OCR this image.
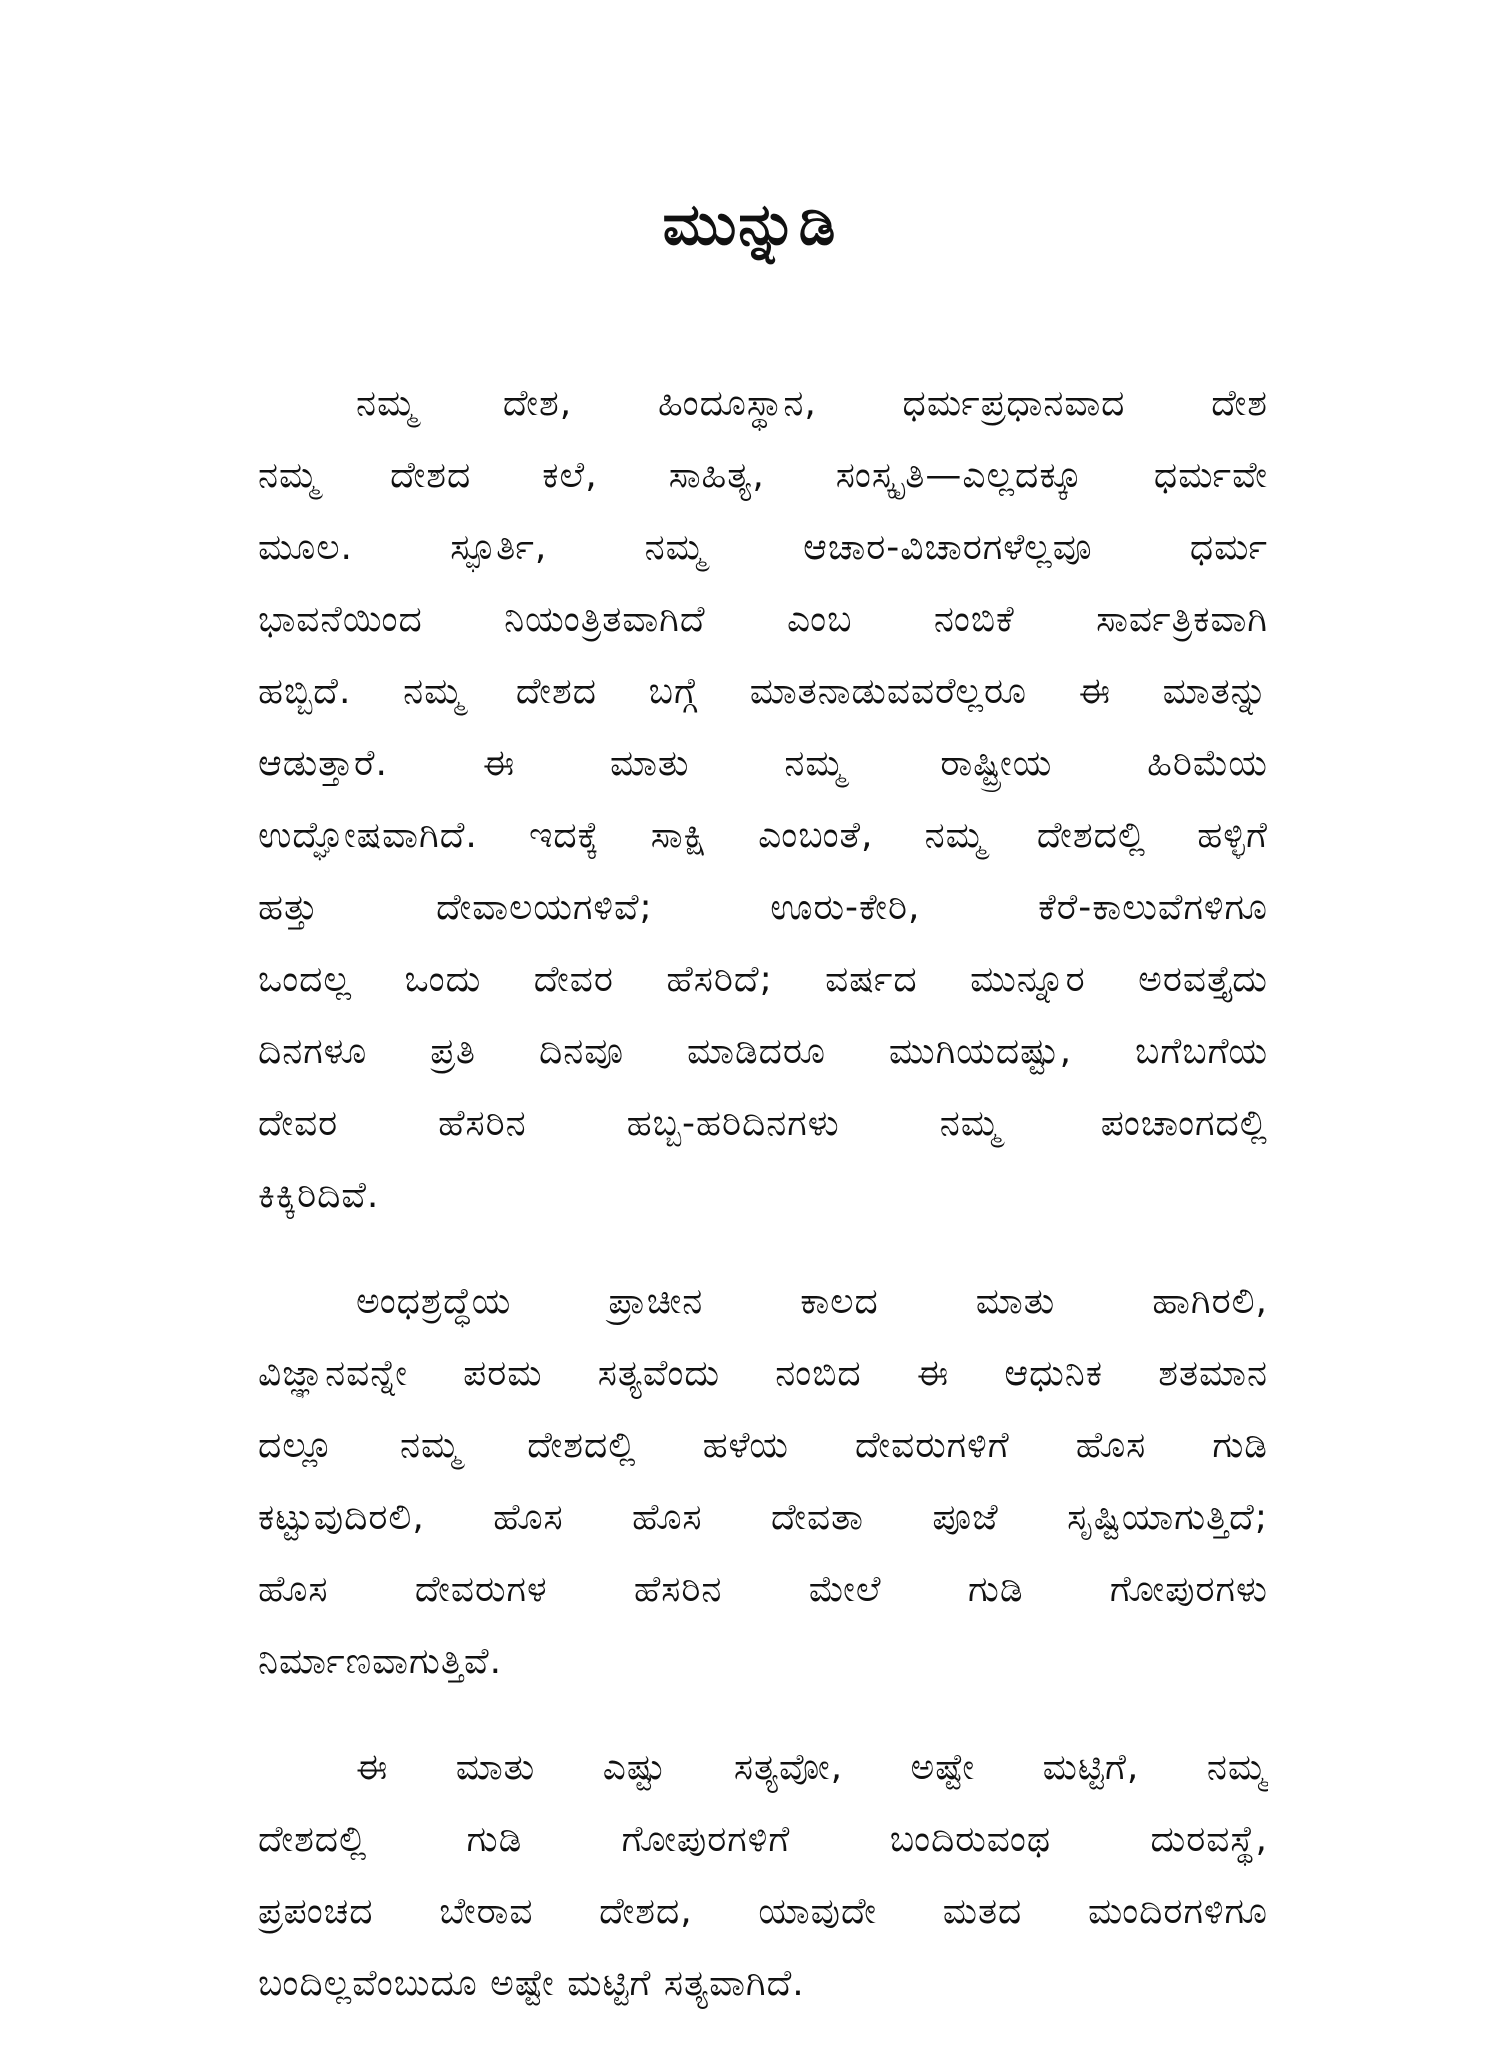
ಮುನ್ನುಡಿ
ನಮ್ಮ ದೇಶ, ಹಿಂದೂಸ್ಥಾನ, ಧರ್ಮಪ್ರಧಾನವಾದ ದೇಶ
ನಮ್ಮ ದೇಶದ ಕಲೆ, ಸಾಹಿತ್ಯ, ಸಂಸ್ಕೃತಿ—ಎಲ್ಲದಕ್ಕೂ ಧರ್ಮವೇ
ಮೂಲ. ಸ್ಫೂರ್ತಿ, ನಮ್ಮ ಆಚಾರ-ವಿಚಾರಗಳೆಲ್ಲವೂ ಧರ್ಮ
ಭಾವನೆಯಿಂದ ನಿಯಂತ್ರಿತವಾಗಿದೆ ಎಂಬ ನಂಬಿಕೆ ಸಾರ್ವತ್ರಿಕವಾಗಿ
ಹಬ್ಬಿದೆ. ನಮ್ಮ ದೇಶದ ಬಗ್ಗೆ ಮಾತನಾಡುವವರೆಲ್ಲರೂ ಈ ಮಾತನ್ನು
ಆಡುತ್ತಾರೆ. ಈ ಮಾತು ನಮ್ಮ ರಾಷ್ಟ್ರೀಯ ಹಿರಿಮೆಯ
ಉದ್ಘೋಷವಾಗಿದೆ. ಇದಕ್ಕೆ ಸಾಕ್ಷಿ ಎಂಬಂತೆ, ನಮ್ಮ ದೇಶದಲ್ಲಿ ಹಳ್ಳಿಗೆ
ಹತ್ತು ದೇವಾಲಯಗಳಿವೆ; ಊರು-ಕೇರಿ, ಕೆರೆ-ಕಾಲುವೆಗಳಿಗೂ
ಒಂದಲ್ಲ ಒಂದು ದೇವರ ಹೆಸರಿದೆ; ವರ್ಷದ ಮುನ್ನೂರ ಅರವತ್ತೈದು
ದಿನಗಳೂ ಪ್ರತಿ ದಿನವೂ ಮಾಡಿದರೂ ಮುಗಿಯದಷ್ಟು, ಬಗೆಬಗೆಯ
ದೇವರ ಹೆಸರಿನ ಹಬ್ಬ-ಹರಿದಿನಗಳು ನಮ್ಮ ಪಂಚಾಂಗದಲ್ಲಿ
ಕಿಕ್ಕಿರಿದಿವೆ.
ಅಂಧಶ್ರದ್ಧೆಯ ಪ್ರಾಚೀನ ಕಾಲದ ಮಾತು ಹಾಗಿರಲಿ,
ವಿಜ್ಞಾನವನ್ನೇ ಪರಮ ಸತ್ಯವೆಂದು ನಂಬಿದ ಈ ಆಧುನಿಕ ಶತಮಾನ
ದಲ್ಲೂ ನಮ್ಮ ದೇಶದಲ್ಲಿ ಹಳೆಯ ದೇವರುಗಳಿಗೆ ಹೊಸ ಗುಡಿ
ಕಟ್ಟುವುದಿರಲಿ, ಹೊಸ ಹೊಸ ದೇವತಾ ಪೂಜೆ ಸೃಷ್ಟಿಯಾಗುತ್ತಿದೆ;
ಹೊಸ ದೇವರುಗಳ ಹೆಸರಿನ ಮೇಲೆ ಗುಡಿ ಗೋಪುರಗಳು
ನಿರ್ಮಾಣವಾಗುತ್ತಿವೆ.
ಈ ಮಾತು ಎಷ್ಟು ಸತ್ಯವೋ, ಅಷ್ಟೇ ಮಟ್ಟಿಗೆ, ನಮ್ಮ
ದೇಶದಲ್ಲಿ ಗುಡಿ ಗೋಪುರಗಳಿಗೆ ಬಂದಿರುವಂಥ ದುರವಸ್ಥೆ,
ಪ್ರಪಂಚದ ಬೇರಾವ ದೇಶದ, ಯಾವುದೇ ಮತದ ಮಂದಿರಗಳಿಗೂ
ಬಂದಿಲ್ಲವೆಂಬುದೂ ಅಷ್ಟೇ ಮಟ್ಟಿಗೆ ಸತ್ಯವಾಗಿದೆ.
